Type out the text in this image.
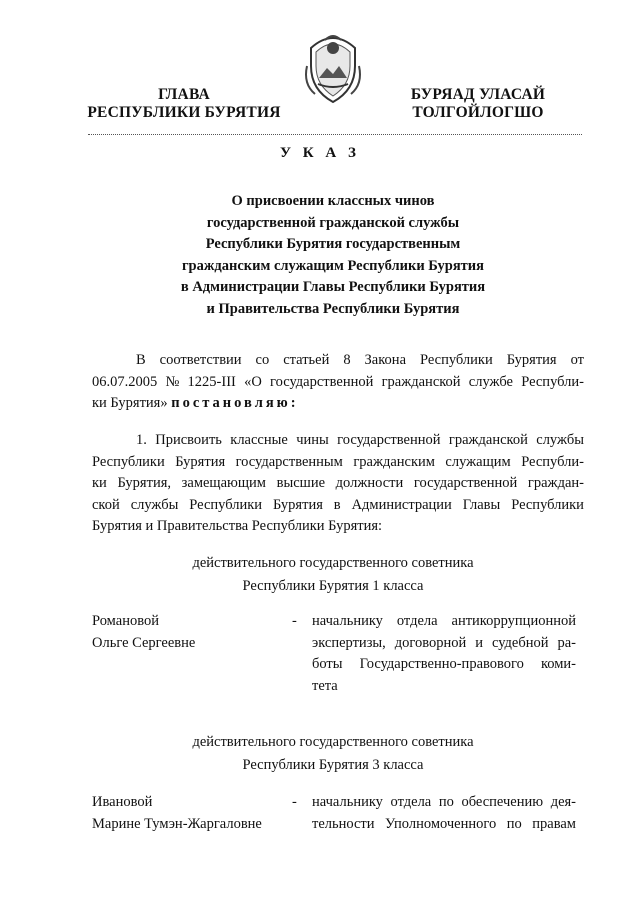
ГЛАВА
РЕСПУБЛИКИ БУРЯТИЯ
БУРЯАД УЛАСАЙ
ТОЛГОЙЛОГШО
У К А З
О присвоении классных чинов
государственной гражданской службы
Республики Бурятия государственным
гражданским служащим Республики Бурятия
в Администрации Главы Республики Бурятия
и Правительства Республики Бурятия
В соответствии со статьей 8 Закона Республики Бурятия от
06.07.2005 № 1225-III «О государственной гражданской службе Республи-
ки Бурятия» постановляю :
1. Присвоить классные чины государственной гражданской службы
Республики Бурятия государственным гражданским служащим Республи-
ки Бурятия, замещающим высшие должности государственной граждан-
ской службы Республики Бурятия в Администрации Главы Республики
Бурятия и Правительства Республики Бурятия:
действительного государственного советника
Республики Бурятия 1 класса
Романовой
Ольге Сергеевне
-	начальнику отдела антикоррупционной
экспертизы, договорной и судебной ра-
боты Государственно-правового коми-
тета
действительного государственного советника
Республики Бурятия 3 класса
Ивановой
Марине Тумэн-Жаргаловне
-	начальнику отдела по обеспечению дея-
тельности Уполномоченного по правам
